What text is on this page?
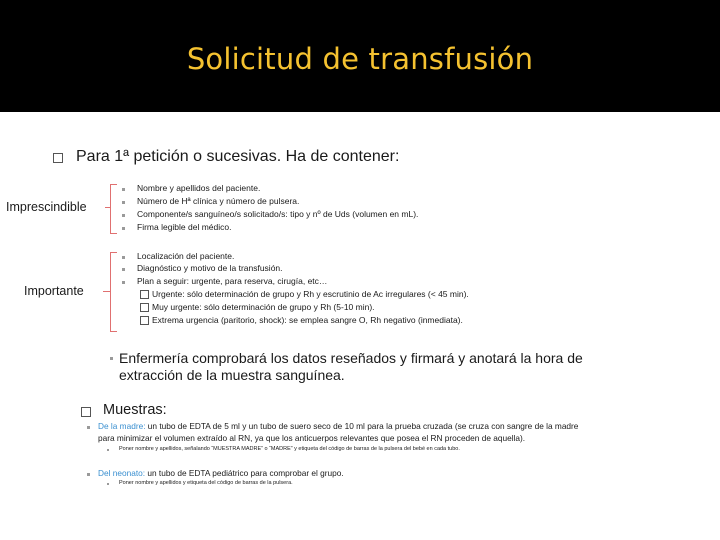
Solicitud de transfusión
Para 1ª petición o sucesivas. Ha de contener:
Imprescindible
Nombre y apellidos del paciente.
Número de Hª clínica y número de pulsera.
Componente/s sanguíneo/s solicitado/s: tipo y nº de Uds (volumen en mL).
Firma legible del médico.
Importante
Localización del paciente.
Diagnóstico y motivo de la transfusión.
Plan a seguir: urgente, para reserva, cirugía, etc…
Urgente: sólo determinación de grupo y Rh y escrutinio de Ac irregulares (< 45 min).
Muy urgente: sólo determinación de grupo y Rh (5-10 min).
Extrema urgencia (paritorio, shock): se emplea sangre O, Rh negativo (inmediata).
Enfermería comprobará los datos reseñados y firmará y anotará la hora de
extracción de la muestra sanguínea.
Muestras:
De la madre: un tubo de EDTA de 5 ml y un tubo de suero seco de 10 ml para la prueba cruzada (se cruza con sangre de la madre
para minimizar el volumen extraído al RN, ya que los anticuerpos relevantes que posea el RN proceden de aquella).
Poner nombre y apellidos, señalando “MUESTRA MADRE” o “MADRE” y etiqueta del código de barras de la pulsera del bebé en cada tubo.
Del neonato: un tubo de EDTA pediátrico para comprobar el grupo.
Poner nombre y apellidos y etiqueta del código de barras de la pulsera.
